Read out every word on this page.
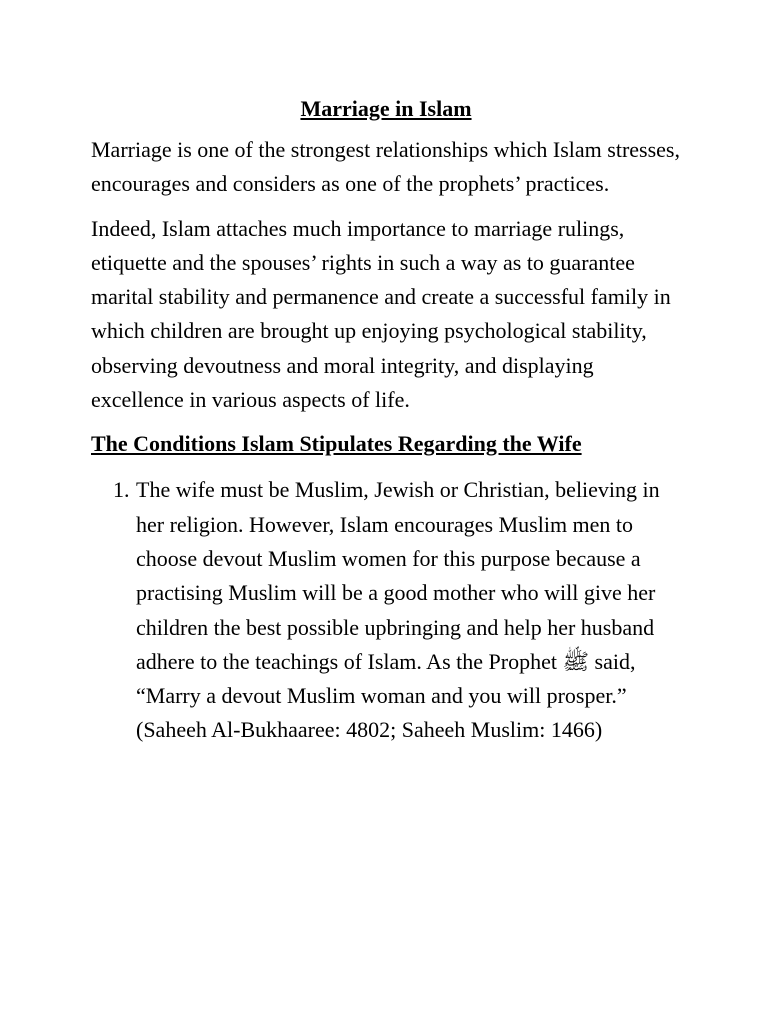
Marriage in Islam

Marriage is one of the strongest relationships which Islam stresses, encourages and considers as one of the prophets’ practices.

Indeed, Islam attaches much importance to marriage rulings, etiquette and the spouses’ rights in such a way as to guarantee marital stability and permanence and create a successful family in which children are brought up enjoying psychological stability, observing devoutness and moral integrity, and displaying excellence in various aspects of life.

The Conditions Islam Stipulates Regarding the Wife
1. The wife must be Muslim, Jewish or Christian, believing in her religion. However, Islam encourages Muslim men to choose devout Muslim women for this purpose because a practising Muslim will be a good mother who will give her children the best possible upbringing and help her husband adhere to the teachings of Islam. As the Prophet ﷺ said, “Marry a devout Muslim woman and you will prosper.” (Saheeh Al-Bukhaaree: 4802; Saheeh Muslim: 1466)
